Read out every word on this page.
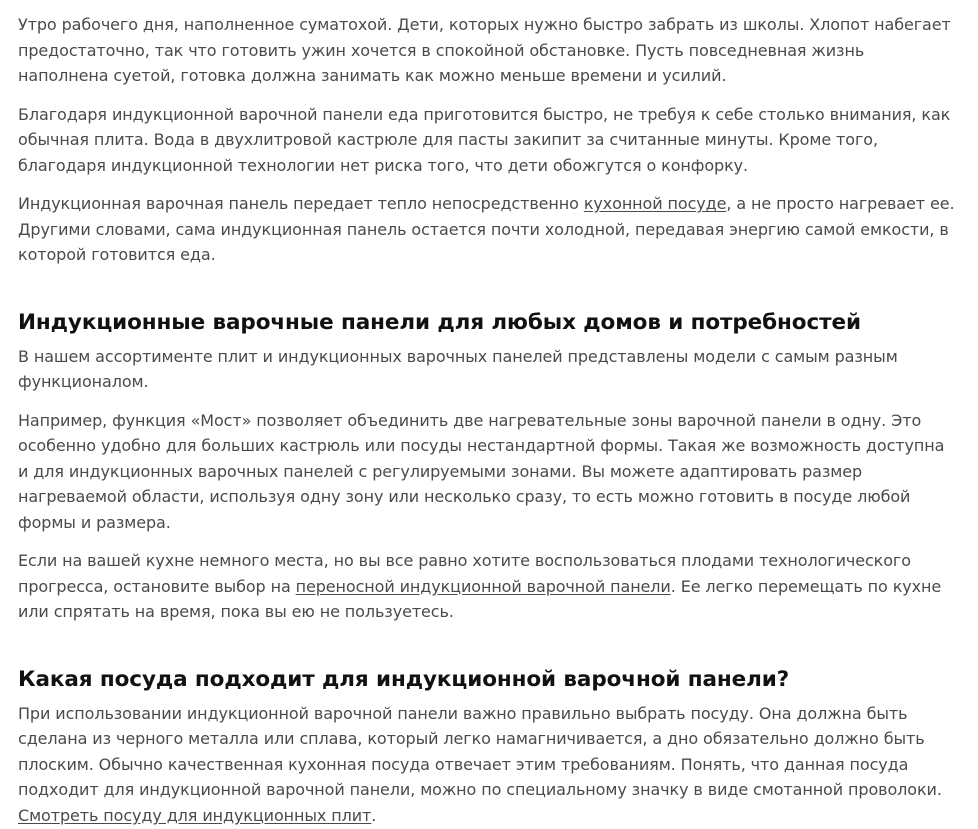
Утро рабочего дня, наполненное суматохой. Дети, которых нужно быстро забрать из школы. Хлопот набегает предостаточно, так что готовить ужин хочется в спокойной обстановке. Пусть повседневная жизнь наполнена суетой, готовка должна занимать как можно меньше времени и усилий.

Благодаря индукционной варочной панели еда приготовится быстро, не требуя к себе столько внимания, как обычная плита. Вода в двухлитровой кастрюле для пасты закипит за считанные минуты. Кроме того, благодаря индукционной технологии нет риска того, что дети обожгутся о конфорку.

Индукционная варочная панель передает тепло непосредственно кухонной посуде, а не просто нагревает ее. Другими словами, сама индукционная панель остается почти холодной, передавая энергию самой емкости, в которой готовится еда.

Индукционные варочные панели для любых домов и потребностей

В нашем ассортименте плит и индукционных варочных панелей представлены модели с самым разным функционалом.

Например, функция «Мост» позволяет объединить две нагревательные зоны варочной панели в одну. Это особенно удобно для больших кастрюль или посуды нестандартной формы. Такая же возможность доступна и для индукционных варочных панелей с регулируемыми зонами. Вы можете адаптировать размер нагреваемой области, используя одну зону или несколько сразу, то есть можно готовить в посуде любой формы и размера.

Если на вашей кухне немного места, но вы все равно хотите воспользоваться плодами технологического прогресса, остановите выбор на переносной индукционной варочной панели. Ее легко перемещать по кухне или спрятать на время, пока вы ею не пользуетесь.

Какая посуда подходит для индукционной варочной панели?

При использовании индукционной варочной панели важно правильно выбрать посуду. Она должна быть сделана из черного металла или сплава, который легко намагничивается, а дно обязательно должно быть плоским. Обычно качественная кухонная посуда отвечает этим требованиям. Понять, что данная посуда подходит для индукционной варочной панели, можно по специальному значку в виде смотанной проволоки. Смотреть посуду для индукционных плит.
